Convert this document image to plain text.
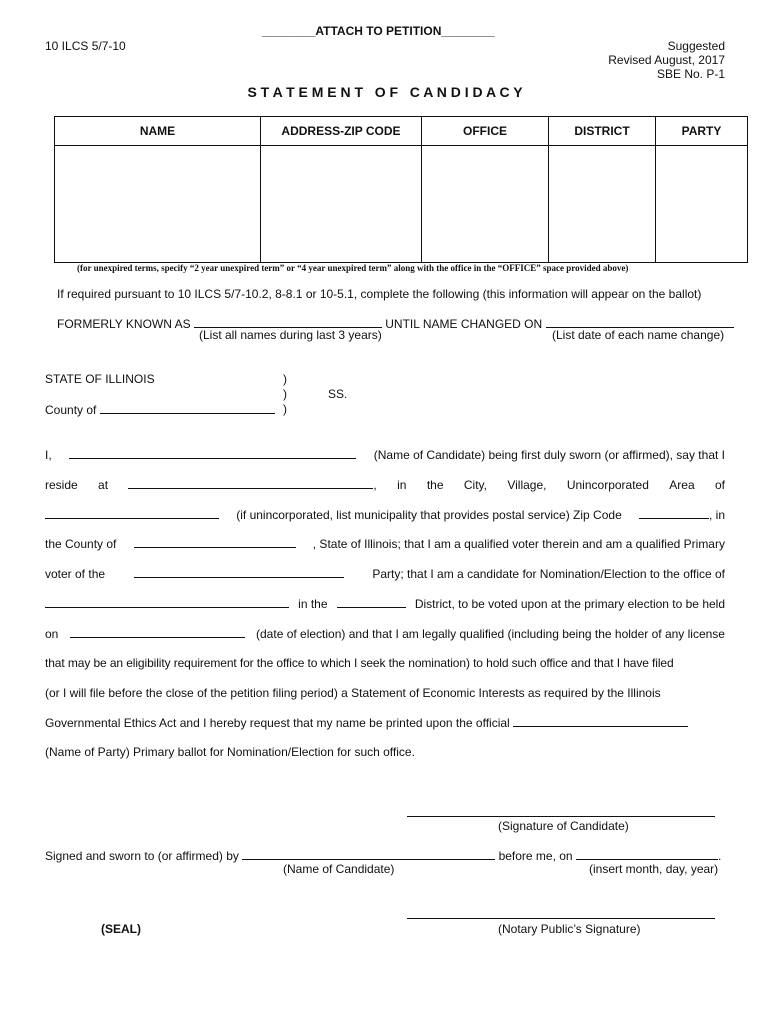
________ATTACH TO PETITION________
10 ILCS 5/7-10	Suggested
Revised August, 2017
SBE No. P-1
S T A T E M E N T   O F   C A N D I D A C Y
NAME	ADDRESS-ZIP CODE	OFFICE	DISTRICT	PARTY

(for unexpired terms, specify “2 year unexpired term” or “4 year unexpired term” along with the office in the “OFFICE” space provided above)
If required pursuant to 10 ILCS 5/7-10.2, 8-8.1 or 10-5.1, complete the following (this information will appear on the ballot)
FORMERLY KNOWN AS	UNTIL NAME CHANGED ON
(List all names during last 3 years)	(List date of each name change)
STATE OF ILLINOIS	)
)	SS.
County of	)
I,	(Name of Candidate) being first duly sworn (or affirmed), say that I
reside at	, in the City, Village, Unincorporated Area of
(if unincorporated, list municipality that provides postal service) Zip Code	, in
the County of	, State of Illinois; that I am a qualified voter therein and am a qualified Primary
voter of the	Party; that I am a candidate for Nomination/Election to the office of
in the	District, to be voted upon at the primary election to be held
on	(date of election) and that I am legally qualified (including being the holder of any license
that may be an eligibility requirement for the office to which I seek the nomination) to hold such office and that I have filed
(or I will file before the close of the petition filing period) a Statement of Economic Interests as required by the Illinois
Governmental Ethics Act and I hereby request that my name be printed upon the official
(Name of Party) Primary ballot for Nomination/Election for such office.
(Signature of Candidate)
Signed and sworn to (or affirmed) by	before me, on	.
(Name of Candidate)	(insert month, day, year)
(SEAL)	(Notary Public’s Signature)
